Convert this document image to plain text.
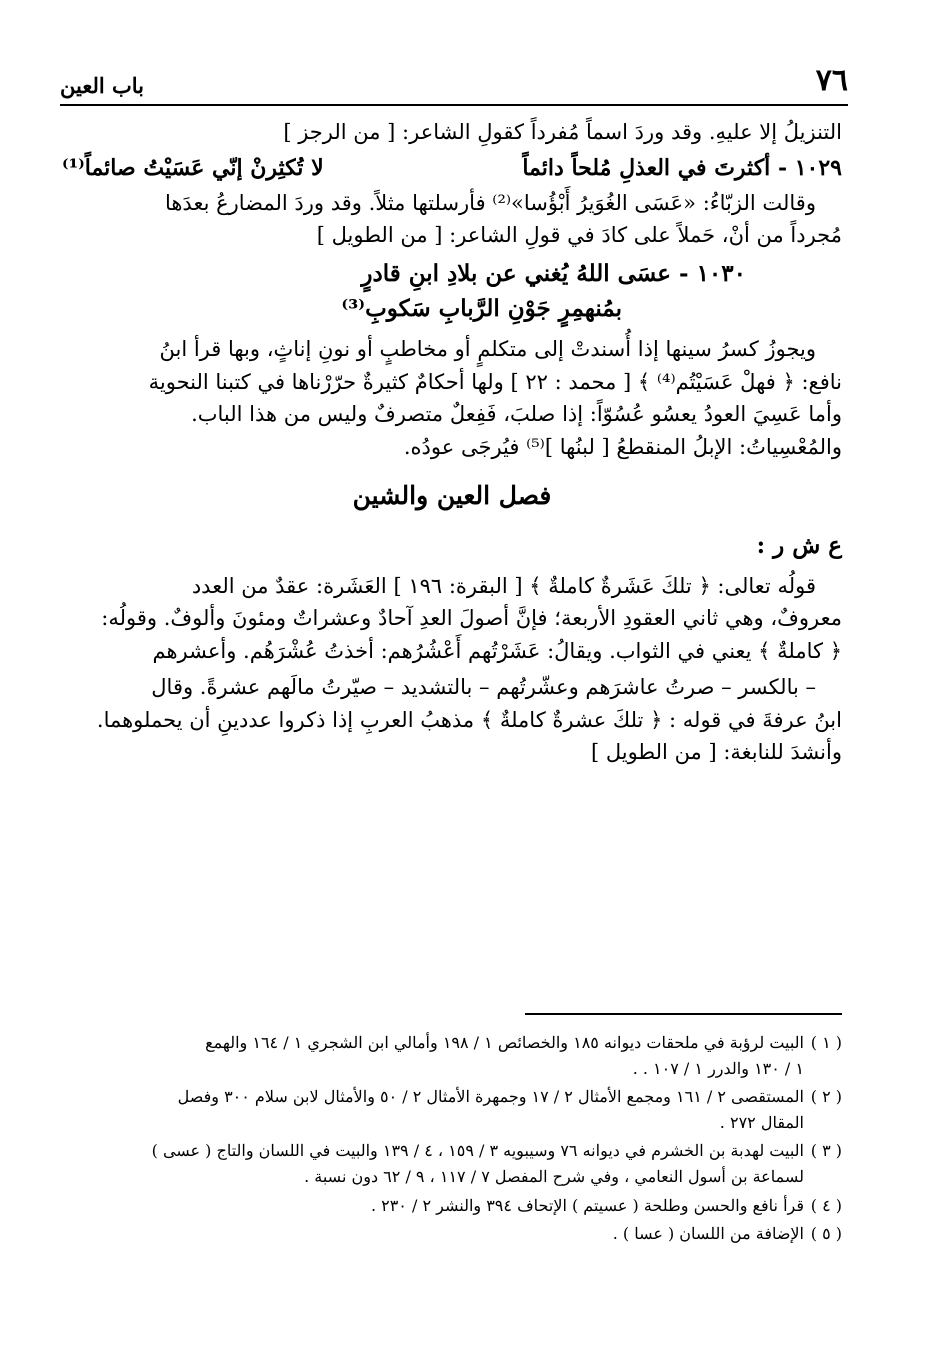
٧٦
باب العين

التنزيلُ إلا عليهِ. وقد وردَ اسماً مُفرداً كقولِ الشاعر: [ من الرجز ]

١٠٢٩ - أكثرتَ في العذلِ مُلحاً دائماً
لا تُكثِرنْ إنّي عَسَيْتُ صائماً⁽¹⁾

وقالت الزبّاءُ: «عَسَى الغُوَيرُ أَبْؤُسا»⁽²⁾ فأرسلتها مثلاً. وقد وردَ المضارعُ بعدَها

مُجرداً من أنْ، حَملاً على كادَ في قولِ الشاعر: [ من الطويل ]

١٠٣٠ - عسَى اللهُ يُغني عن بلادِ ابنِ قادرٍ

بمُنهمِرٍ جَوْنِ الرَّبابِ سَكوبِ⁽³⁾

ويجوزُ كسرُ سينها إذا أُسندتْ إلى متكلمٍ أو مخاطبٍ أو نونِ إناثٍ، وبها قرأ ابنُ

نافع: ﴿ فهلْ عَسَيْتُم⁽⁴⁾ ﴾ [ محمد : ٢٢ ] ولها أحكامٌ كثيرةٌ حرّرْناها في كتبنا النحوية

وأما عَسِيَ العودُ يعسُو عُسُوّاً: إذا صلبَ، فَفِعلٌ متصرفٌ وليس من هذا الباب.

والمُعْسِياتُ: الإبلُ المنقطعُ [ لبنُها ]⁽⁵⁾ فيُرجَى عودُه.

فصل العين والشين
ع ش ر :

قولُه تعالى: ﴿ تلكَ عَشَرةٌ كاملةٌ ﴾ [ البقرة: ١٩٦ ] العَشَرة: عقدٌ من العدد

معروفٌ، وهي ثاني العقودِ الأربعة؛ فإنَّ أصولَ العدِ آحادٌ وعشراتٌ ومئونَ وألوفٌ. وقولُه:

﴿ كاملةٌ ﴾ يعني في الثواب. ويقالُ: عَشَرْتُهم أَعْشُرُهم: أخذتُ عُشْرَهُم. وأعشرهم

– بالكسر – صرتُ عاشرَهم وعشّرتُهم – بالتشديد – صيّرتُ مالَهم عشرةً. وقال

ابنُ عرفةَ في قوله : ﴿ تلكَ عشرةٌ كاملةٌ ﴾ مذهبُ العربِ إذا ذكروا عددينِ أن يحملوهما.

وأنشدَ للنابغة: [ من الطويل ]

( ١ )
البيت لرؤبة في ملحقات ديوانه ١٨٥ والخصائص ١ / ١٩٨ وأمالي ابن الشجري ١ / ١٦٤ والهمع
١ / ١٣٠ والدرر ١ / ١٠٧ . .
( ٢ )
المستقصى ٢ / ١٦١ ومجمع الأمثال ٢ / ١٧ وجمهرة الأمثال ٢ / ٥٠ والأمثال لابن سلام ٣٠٠ وفصل
المقال ٢٧٢ .
( ٣ )
البيت لهدبة بن الخشرم في ديوانه ٧٦ وسيبويه ٣ / ١٥٩ ، ٤ / ١٣٩ والبيت في اللسان والتاج ( عسى )
لسماعة بن أسول النعامي ، وفي شرح المفصل ٧ / ١١٧ ، ٩ / ٦٢ دون نسبة .
( ٤ )
قرأ نافع والحسن وطلحة ( عسيتم ) الإتحاف ٣٩٤ والنشر ٢ / ٢٣٠ .
( ٥ )
الإضافة من اللسان ( عسا ) .
